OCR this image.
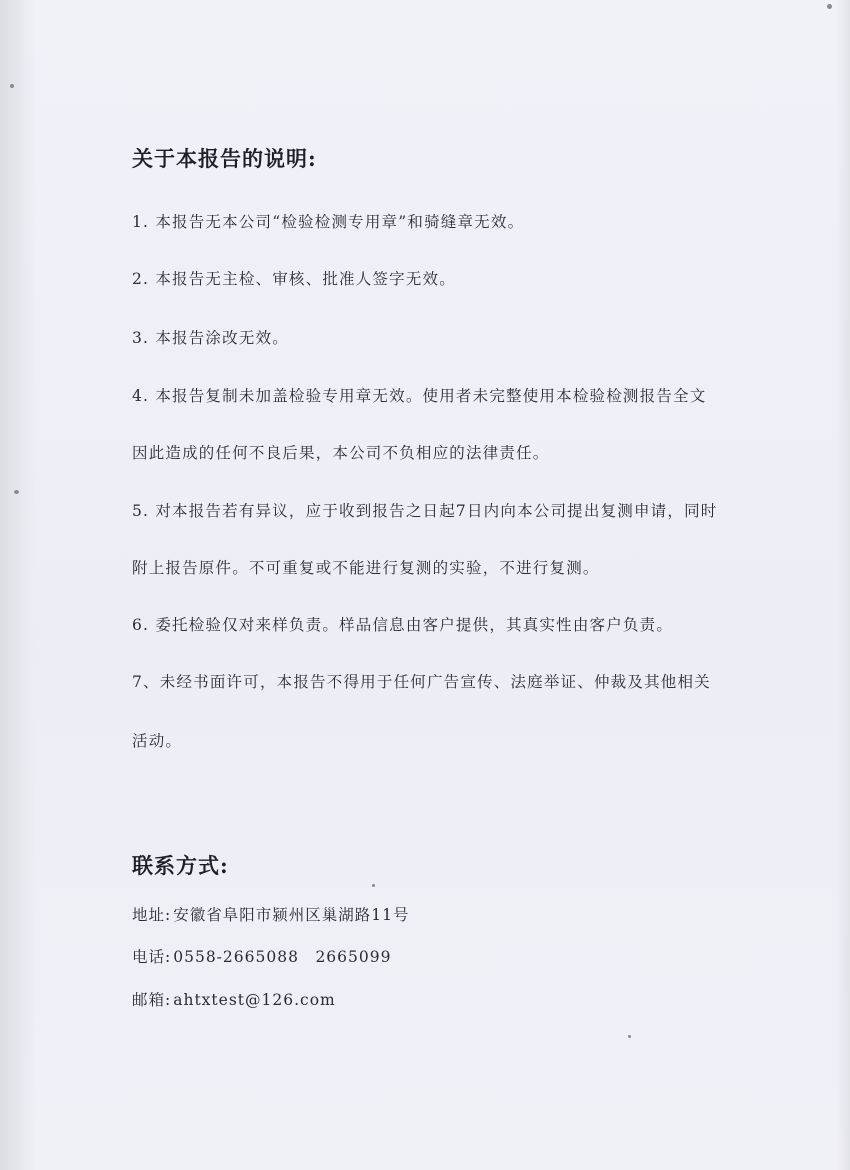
关于本报告的说明:
1. 本报告无本公司“检验检测专用章”和骑缝章无效。
2. 本报告无主检、审核、批准人签字无效。
3. 本报告涂改无效。
4. 本报告复制未加盖检验专用章无效。使用者未完整使用本检验检测报告全文
因此造成的任何不良后果，本公司不负相应的法律责任。
5. 对本报告若有异议，应于收到报告之日起7日内向本公司提出复测申请，同时
附上报告原件。不可重复或不能进行复测的实验，不进行复测。
6. 委托检验仅对来样负责。样品信息由客户提供，其真实性由客户负责。
7、未经书面许可，本报告不得用于任何广告宣传、法庭举证、仲裁及其他相关
活动。
联系方式:
地址: 安徽省阜阳市颍州区巢湖路11号
电话: 0558-2665088　2665099
邮箱: ahtxtest@126.com
